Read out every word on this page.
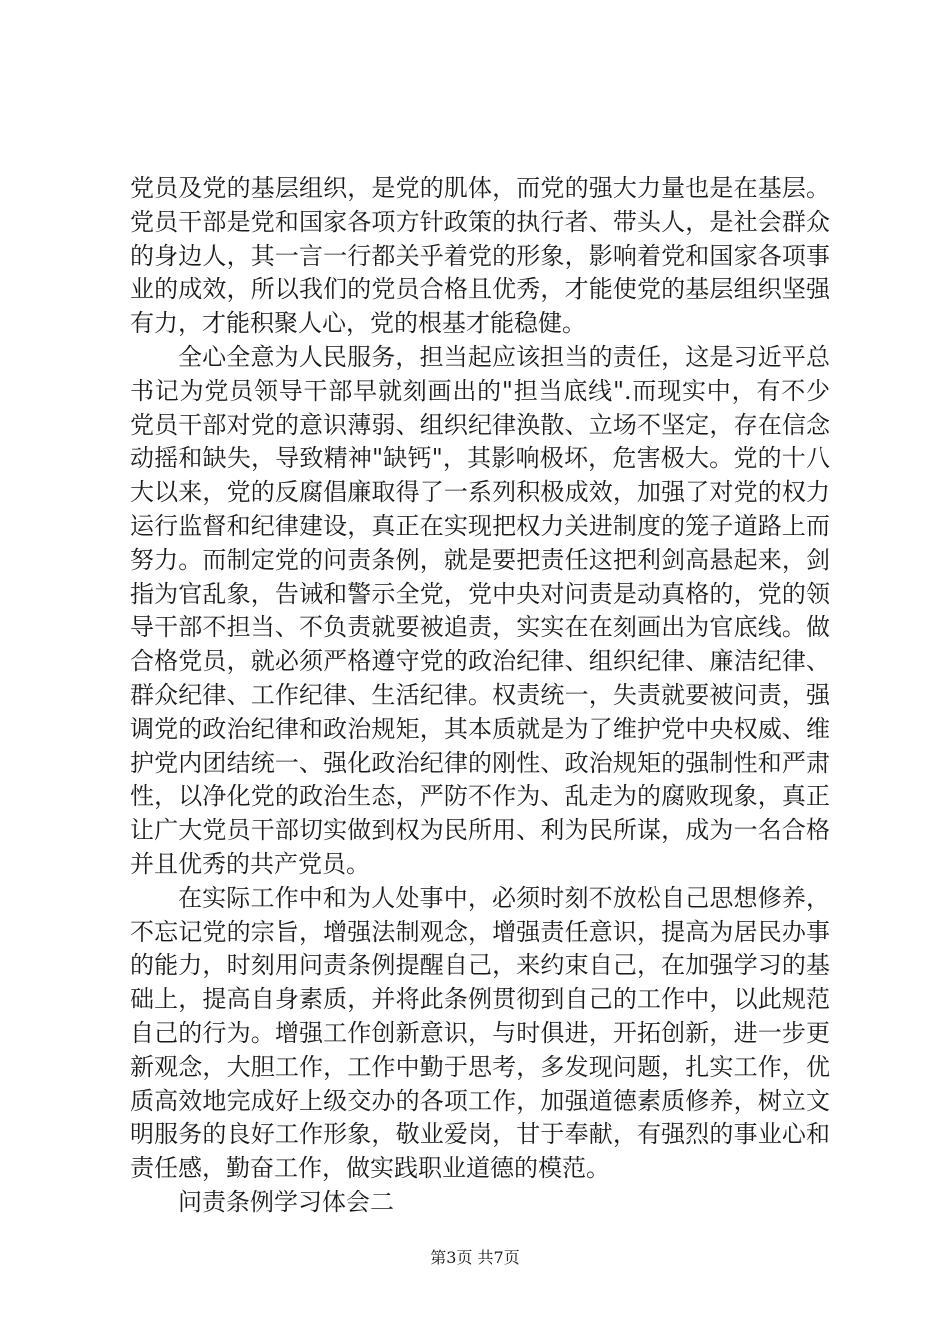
党员及党的基层组织，是党的肌体，而党的强大力量也是在基层。党员干部是党和国家各项方针政策的执行者、带头人，是社会群众的身边人，其一言一行都关乎着党的形象，影响着党和国家各项事业的成效，所以我们的党员合格且优秀，才能使党的基层组织坚强有力，才能积聚人心，党的根基才能稳健。

全心全意为人民服务，担当起应该担当的责任，这是习近平总书记为党员领导干部早就刻画出的"担当底线".而现实中，有不少党员干部对党的意识薄弱、组织纪律涣散、立场不坚定，存在信念动摇和缺失，导致精神"缺钙"，其影响极坏，危害极大。党的十八大以来，党的反腐倡廉取得了一系列积极成效，加强了对党的权力运行监督和纪律建设，真正在实现把权力关进制度的笼子道路上而努力。而制定党的问责条例，就是要把责任这把利剑高悬起来，剑指为官乱象，告诫和警示全党，党中央对问责是动真格的，党的领导干部不担当、不负责就要被追责，实实在在刻画出为官底线。做合格党员，就必须严格遵守党的政治纪律、组织纪律、廉洁纪律、群众纪律、工作纪律、生活纪律。权责统一，失责就要被问责，强调党的政治纪律和政治规矩，其本质就是为了维护党中央权威、维护党内团结统一、强化政治纪律的刚性、政治规矩的强制性和严肃性，以净化党的政治生态，严防不作为、乱走为的腐败现象，真正让广大党员干部切实做到权为民所用、利为民所谋，成为一名合格并且优秀的共产党员。

在实际工作中和为人处事中，必须时刻不放松自己思想修养，不忘记党的宗旨，增强法制观念，增强责任意识，提高为居民办事的能力，时刻用问责条例提醒自己，来约束自己，在加强学习的基础上，提高自身素质，并将此条例贯彻到自己的工作中，以此规范自己的行为。增强工作创新意识，与时俱进，开拓创新，进一步更新观念，大胆工作，工作中勤于思考，多发现问题，扎实工作，优质高效地完成好上级交办的各项工作，加强道德素质修养，树立文明服务的良好工作形象，敬业爱岗，甘于奉献，有强烈的事业心和责任感，勤奋工作，做实践职业道德的模范。

问责条例学习体会二

第3页 共7页
